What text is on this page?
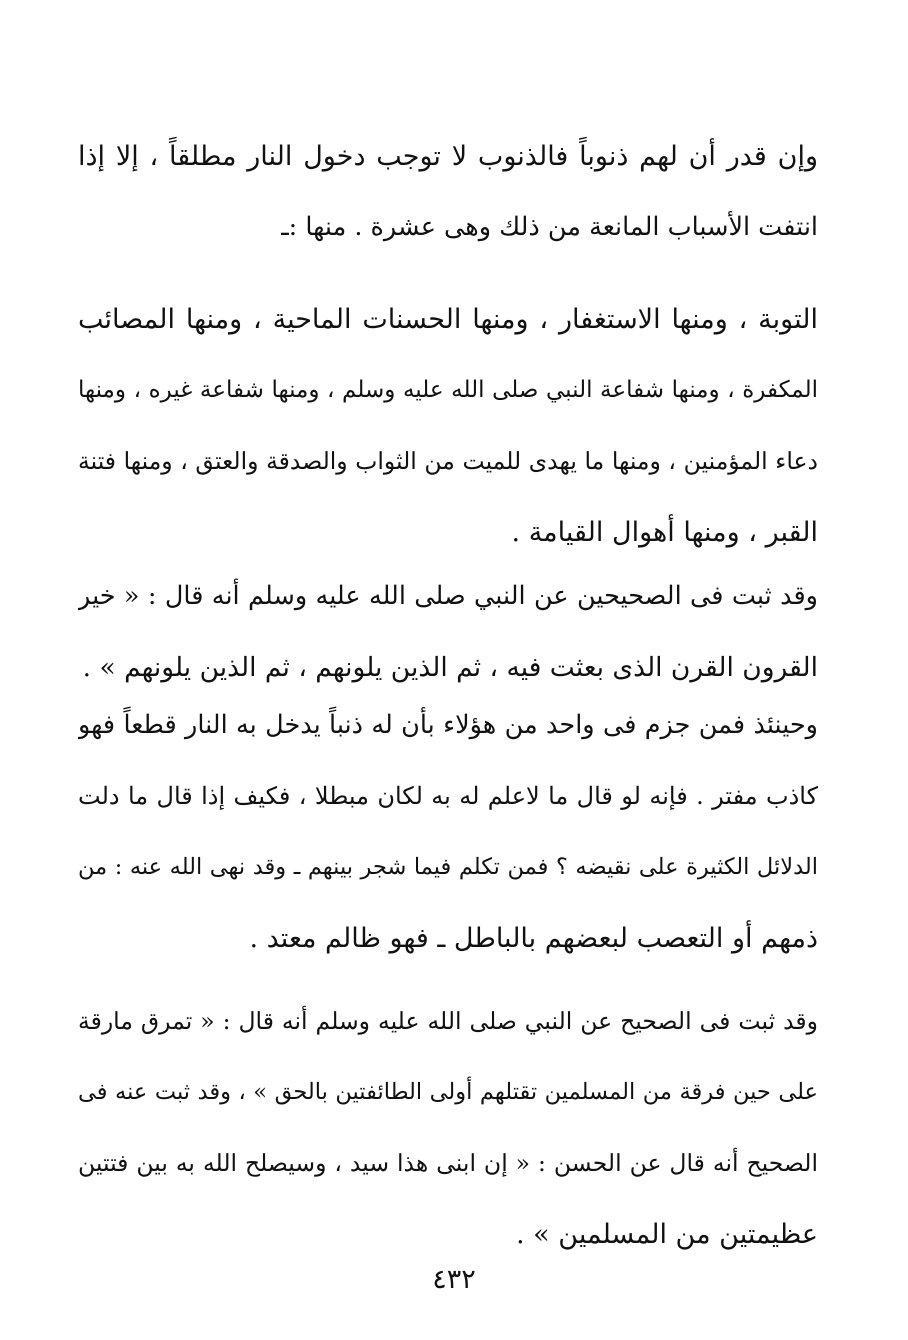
وإن قدر أن لهم ذنوباً فالذنوب لا توجب دخول النار مطلقاً ، إلا إذا
انتفت الأسباب المانعة من ذلك وهى عشرة . منها :ـ
التوبة ، ومنها الاستغفار ، ومنها الحسنات الماحية ، ومنها المصائب
المكفرة ، ومنها شفاعة النبي صلى الله عليه وسلم ، ومنها شفاعة غيره ، ومنها
دعاء المؤمنين ، ومنها ما يهدى للميت من الثواب والصدقة والعتق ، ومنها فتنة
القبر ، ومنها أهوال القيامة .
وقد ثبت فى الصحيحين عن النبي صلى الله عليه وسلم أنه قال : « خير
القرون القرن الذى بعثت فيه ، ثم الذين يلونهم ، ثم الذين يلونهم » .
وحينئذ فمن جزم فى واحد من هؤلاء بأن له ذنباً يدخل به النار قطعاً فهو
كاذب مفتر . فإنه لو قال ما لاعلم له به لكان مبطلا ، فكيف إذا قال ما دلت
الدلائل الكثيرة على نقيضه ؟ فمن تكلم فيما شجر بينهم ـ وقد نهى الله عنه : من
ذمهم أو التعصب لبعضهم بالباطل ـ فهو ظالم معتد .
وقد ثبت فى الصحيح عن النبي صلى الله عليه وسلم أنه قال : « تمرق مارقة
على حين فرقة من المسلمين تقتلهم أولى الطائفتين بالحق » ، وقد ثبت عنه فى
الصحيح أنه قال عن الحسن : « إن ابنى هذا سيد ، وسيصلح الله به بين فتتين
عظيمتين من المسلمين » .
٤٣٢
